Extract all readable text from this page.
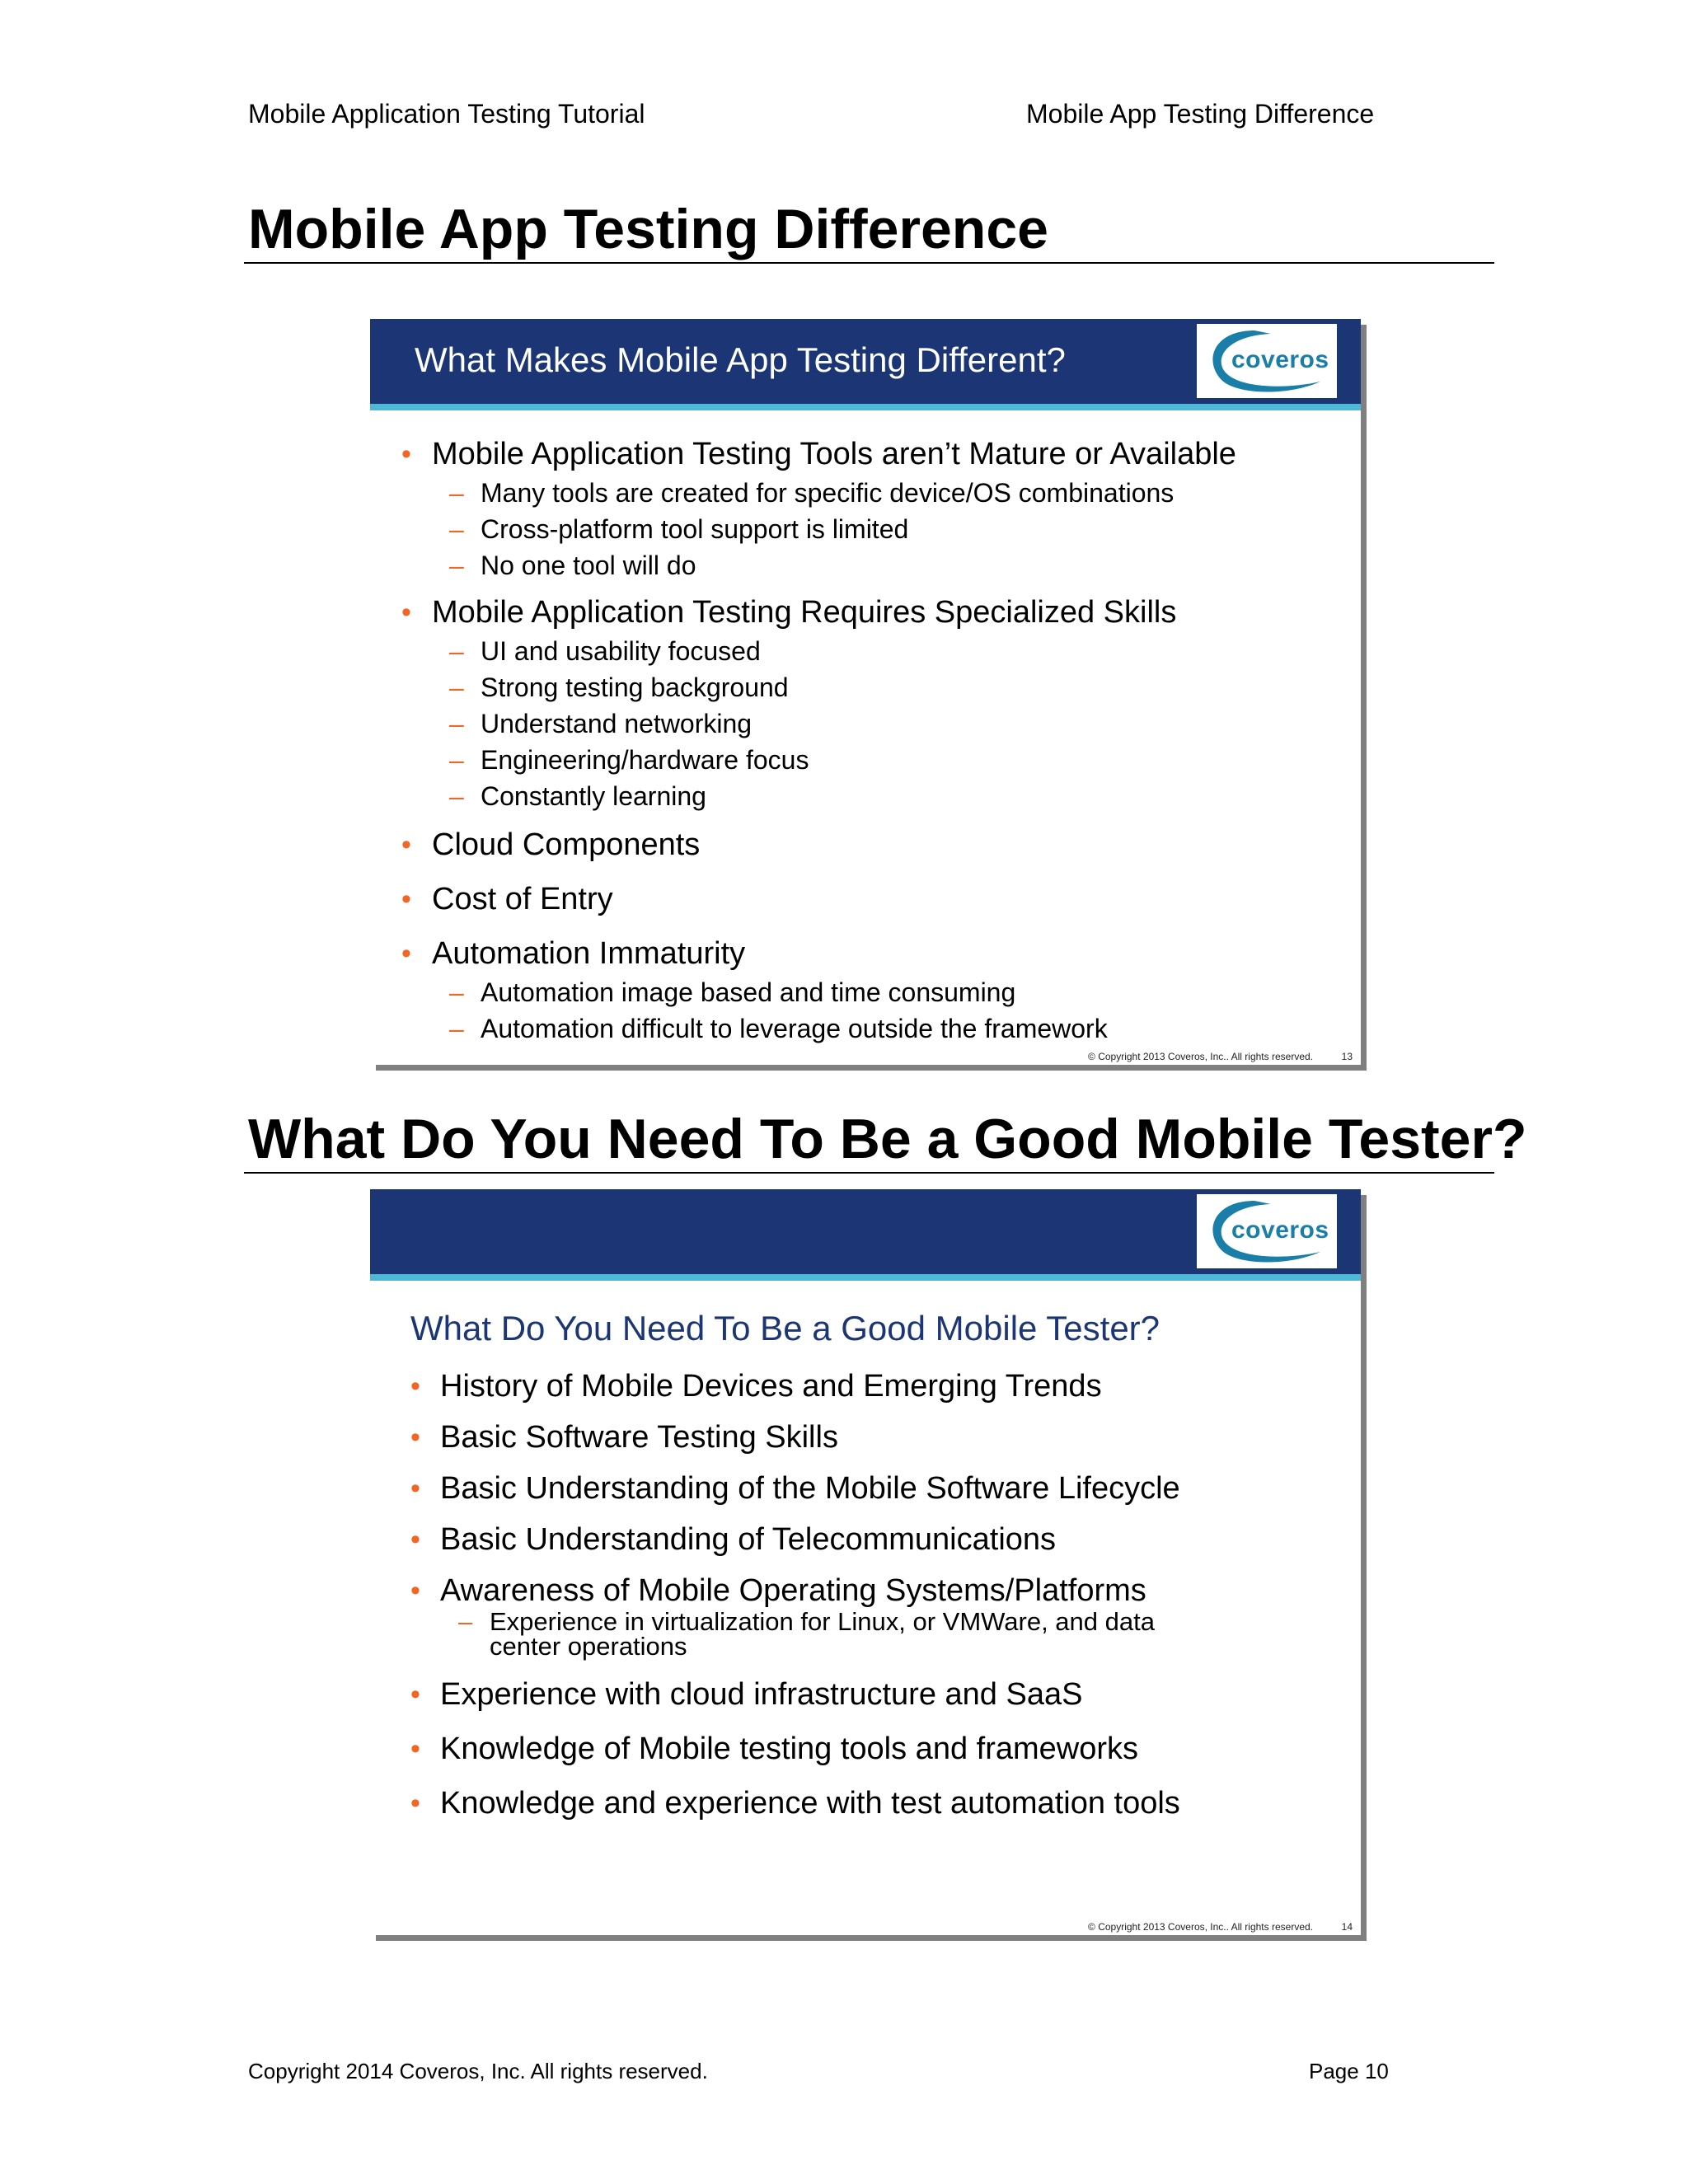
Mobile Application Testing Tutorial	Mobile App Testing Difference
Mobile App Testing Difference
What Makes Mobile App Testing Different?	coveros
• Mobile Application Testing Tools aren’t Mature or Available
– Many tools are created for specific device/OS combinations
– Cross-platform tool support is limited
– No one tool will do
• Mobile Application Testing Requires Specialized Skills
– UI and usability focused
– Strong testing background
– Understand networking
– Engineering/hardware focus
– Constantly learning
• Cloud Components
• Cost of Entry
• Automation Immaturity
– Automation image based and time consuming
– Automation difficult to leverage outside the framework
© Copyright 2013 Coveros, Inc.. All rights reserved.	13
What Do You Need To Be a Good Mobile Tester?
coveros
What Do You Need To Be a Good Mobile Tester?
• History of Mobile Devices and Emerging Trends
• Basic Software Testing Skills
• Basic Understanding of the Mobile Software Lifecycle
• Basic Understanding of Telecommunications
• Awareness of Mobile Operating Systems/Platforms
– Experience in virtualization for Linux, or VMWare, and data center operations
• Experience with cloud infrastructure and SaaS
• Knowledge of Mobile testing tools and frameworks
• Knowledge and experience with test automation tools
© Copyright 2013 Coveros, Inc.. All rights reserved.	14
Copyright 2014 Coveros, Inc. All rights reserved.	Page 10
